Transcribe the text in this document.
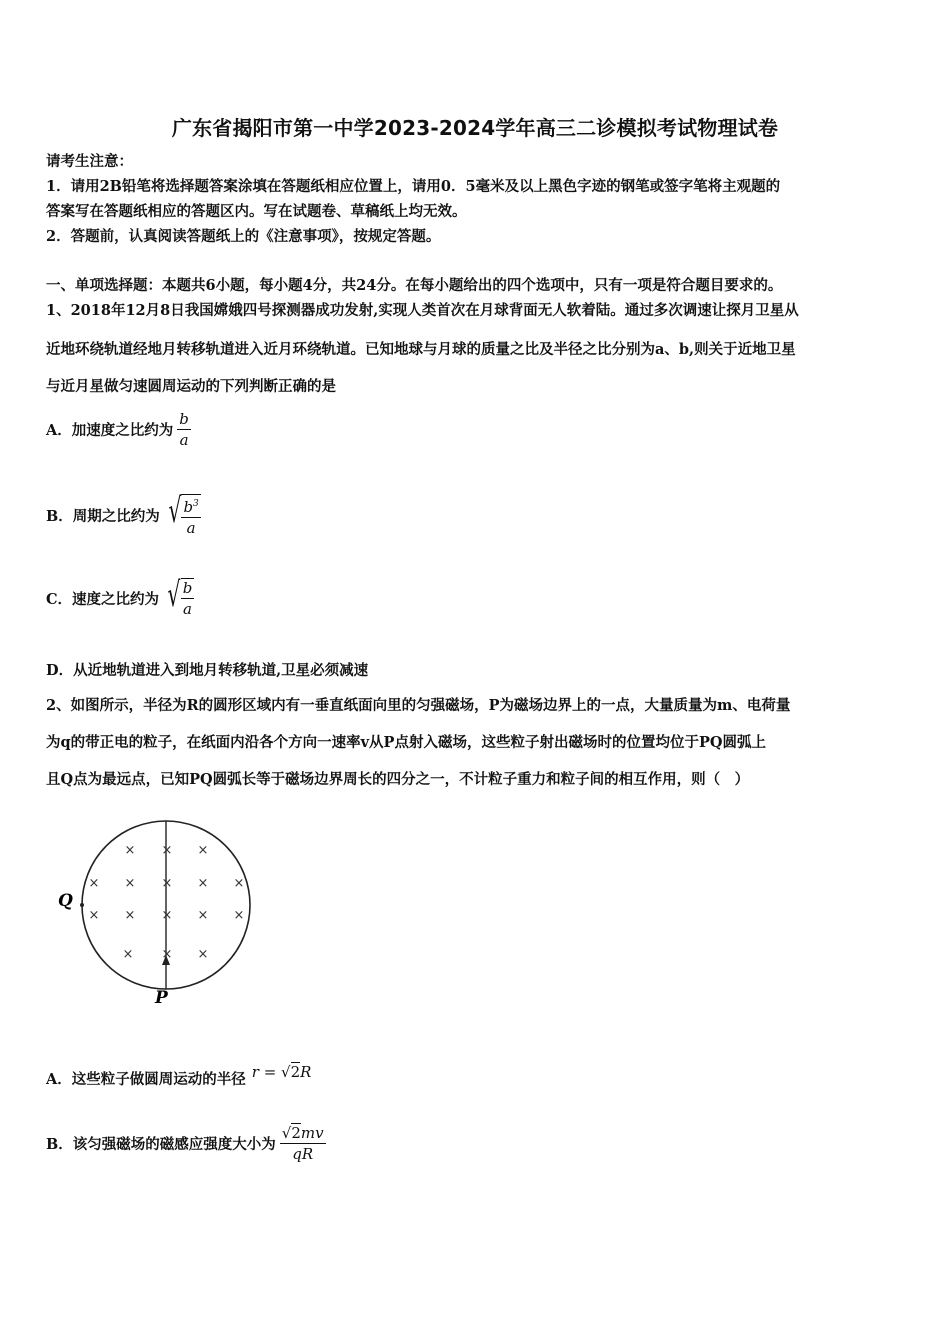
广东省揭阳市第一中学2023-2024学年高三二诊模拟考试物理试卷
请考生注意：
1．请用2B铅笔将选择题答案涂填在答题纸相应位置上，请用0．5毫米及以上黑色字迹的钢笔或签字笔将主观题的
答案写在答题纸相应的答题区内。写在试题卷、草稿纸上均无效。
2．答题前，认真阅读答题纸上的《注意事项》，按规定答题。
一、单项选择题：本题共6小题，每小题4分，共24分。在每小题给出的四个选项中，只有一项是符合题目要求的。
1、2018年12月8日我国嫦娥四号探测器成功发射,实现人类首次在月球背面无人软着陆。通过多次调速让探月卫星从
近地环绕轨道经地月转移轨道进入近月环绕轨道。已知地球与月球的质量之比及半径之比分别为a、b,则关于近地卫星
与近月星做匀速圆周运动的下列判断正确的是
A．加速度之比约为 $\frac{b}{a}$
B．周期之比约为 √ $\frac{b^3}{a}$
C．速度之比约为 √ $\frac{b}{a}$
D．从近地轨道进入到地月转移轨道,卫星必须减速
2、如图所示，半径为R的圆形区域内有一垂直纸面向里的匀强磁场，P为磁场边界上的一点，大量质量为m、电荷量
为q的带正电的粒子，在纸面内沿各个方向一速率v从P点射入磁场，这些粒子射出磁场时的位置均位于PQ圆弧上
且Q点为最远点，已知PQ圆弧长等于磁场边界周长的四分之一，不计粒子重力和粒子间的相互作用，则（　）
Q
P
× × ×
× × × × ×
× × × × ×
× × ×
A．这些粒子做圆周运动的半径 r = √2R
B．该匀强磁场的磁感应强度大小为 $\frac{√2mv}{qR}$
